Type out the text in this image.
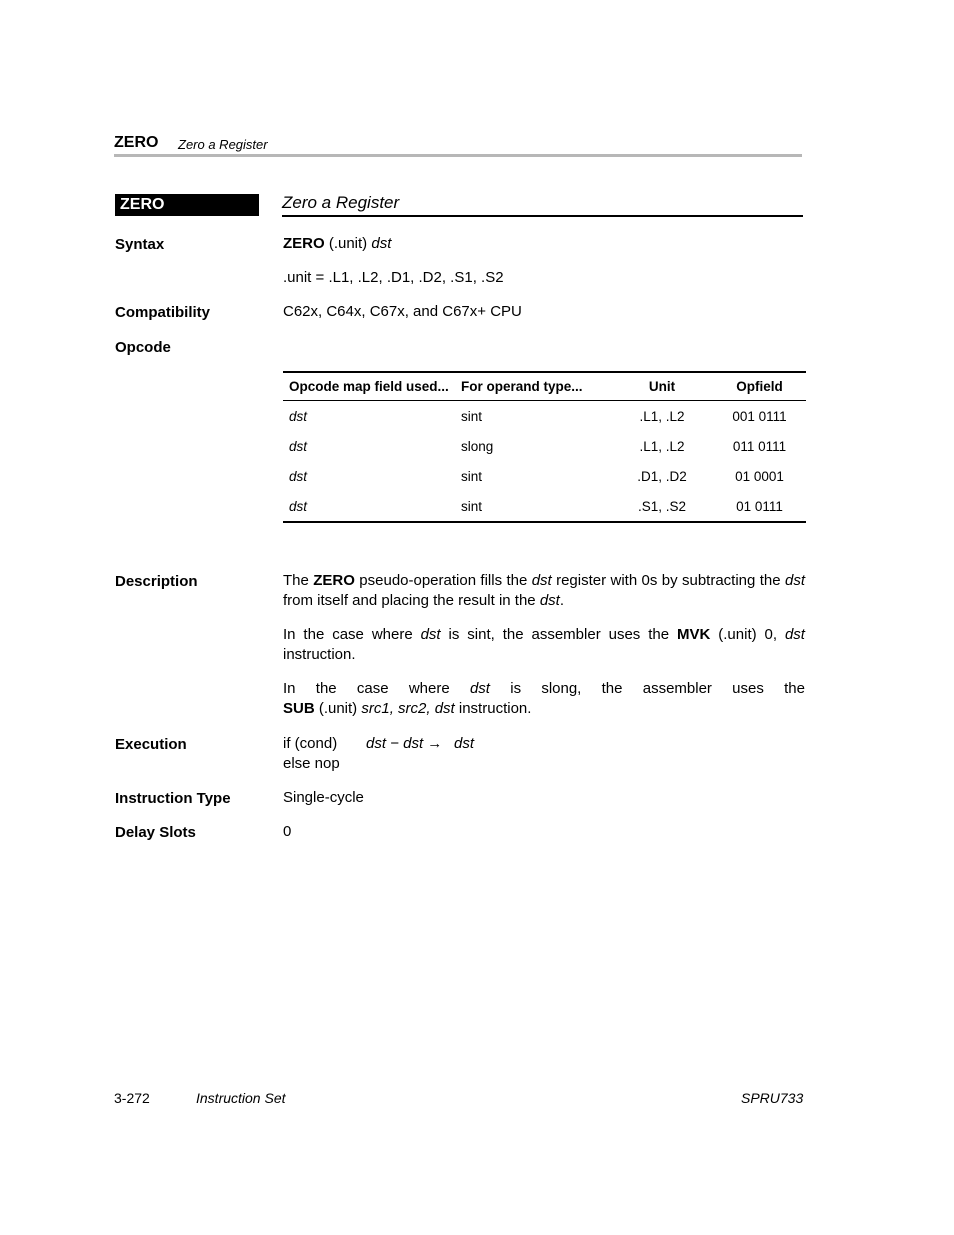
ZERO Zero a Register
ZERO	Zero a Register
Syntax	ZERO (.unit) dst
.unit = .L1, .L2, .D1, .D2, .S1, .S2
Compatibility	C62x, C64x, C67x, and C67x+ CPU
Opcode
Opcode map field used...	For operand type...	Unit	Opfield
dst	sint	.L1, .L2	001 0111
dst	slong	.L1, .L2	011 0111
dst	sint	.D1, .D2	01 0001
dst	sint	.S1, .S2	01 0111
Description	The ZERO pseudo-operation fills the dst register with 0s by subtracting the dst
from itself and placing the result in the dst.
In the case where dst is sint, the assembler uses the MVK (.unit) 0, dst
instruction.
In the case where dst is slong, the assembler uses the
SUB (.unit) src1, src2, dst instruction.
Execution	if (cond) dst − dst → dst
else nop
Instruction Type	Single-cycle
Delay Slots	0
3-272	Instruction Set	SPRU733
